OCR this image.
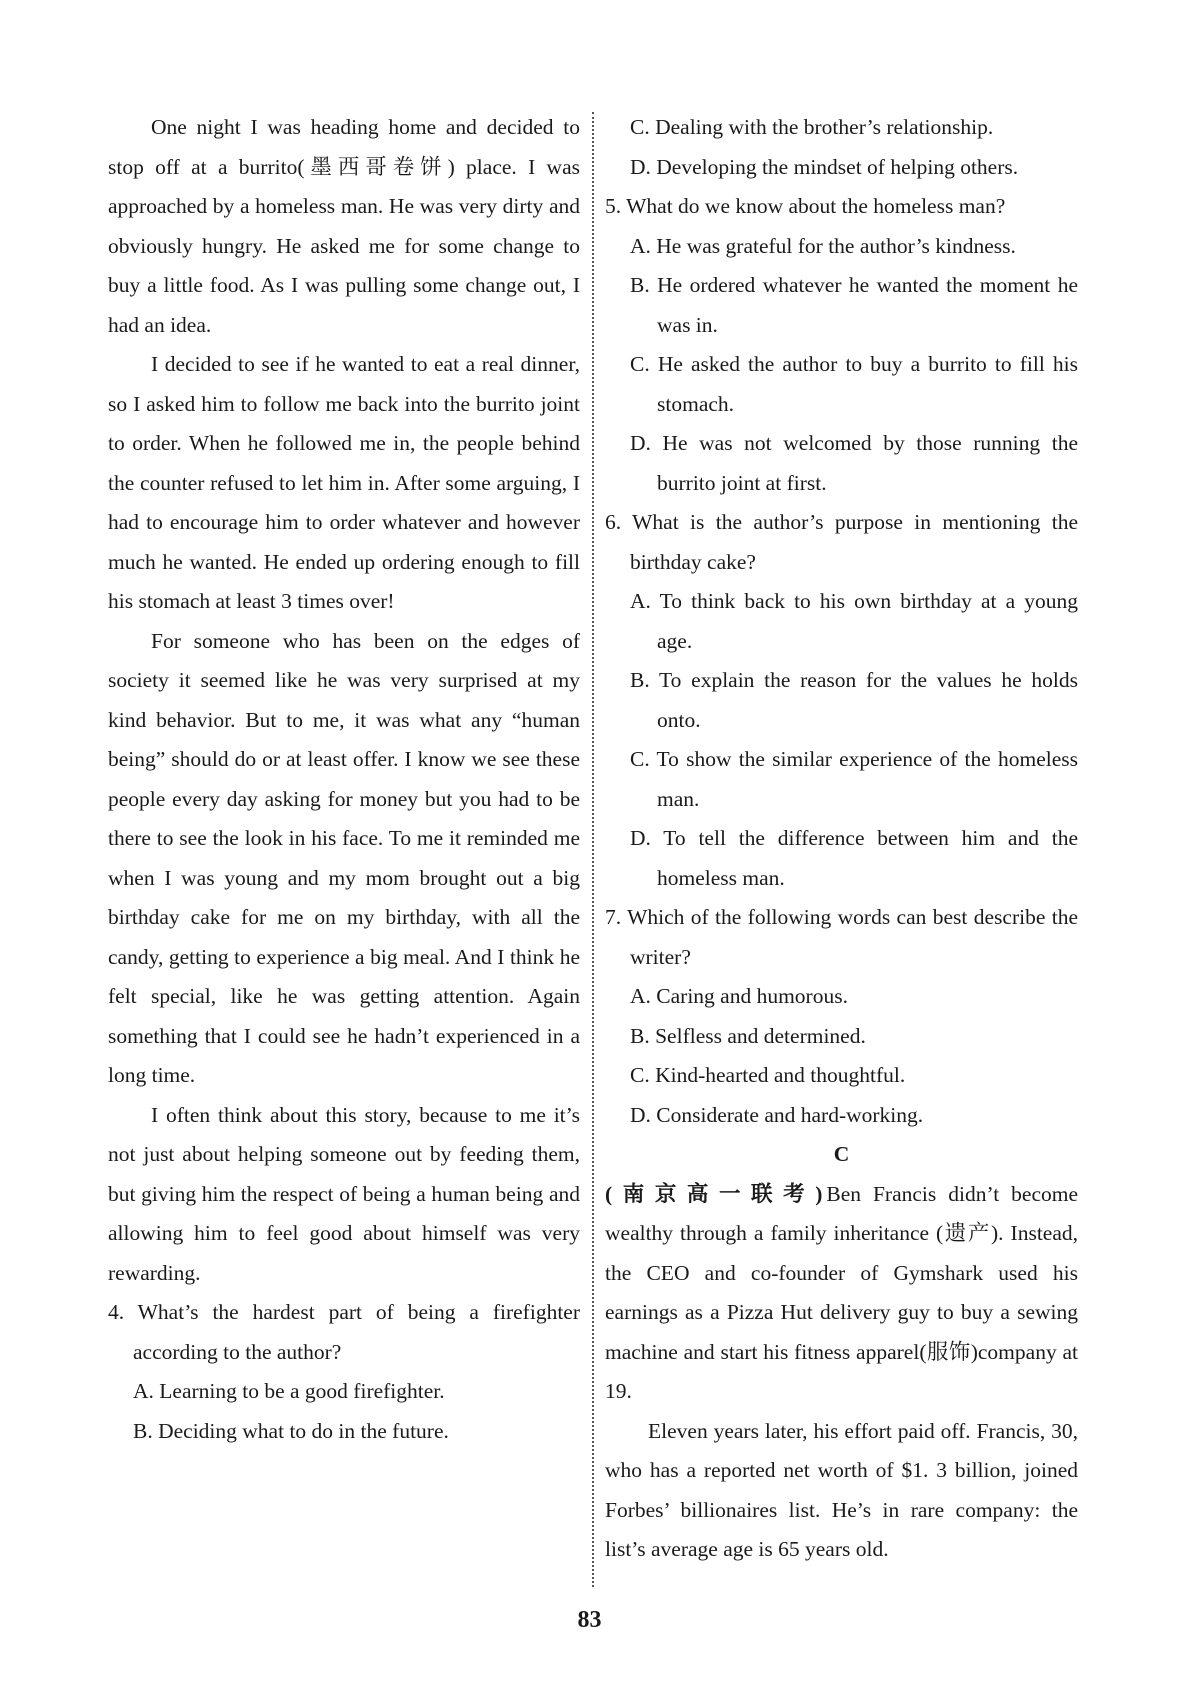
One night I was heading home and decided to stop off at a burrito(墨西哥卷饼) place. I was approached by a homeless man. He was very dirty and obviously hungry. He asked me for some change to buy a little food. As I was pulling some change out, I had an idea.

I decided to see if he wanted to eat a real dinner, so I asked him to follow me back into the burrito joint to order. When he followed me in, the people behind the counter refused to let him in. After some arguing, I had to encourage him to order whatever and however much he wanted. He ended up ordering enough to fill his stomach at least 3 times over!

For someone who has been on the edges of society it seemed like he was very surprised at my kind behavior. But to me, it was what any “human being” should do or at least offer. I know we see these people every day asking for money but you had to be there to see the look in his face. To me it reminded me when I was young and my mom brought out a big birthday cake for me on my birthday, with all the candy, getting to experience a big meal. And I think he felt special, like he was getting attention. Again something that I could see he hadn’t experienced in a long time.

I often think about this story, because to me it’s not just about helping someone out by feeding them, but giving him the respect of being a human being and allowing him to feel good about himself was very rewarding.

4. What’s the hardest part of being a firefighter according to the author?

A. Learning to be a good firefighter.

B. Deciding what to do in the future.

C. Dealing with the brother’s relationship.

D. Developing the mindset of helping others.

5. What do we know about the homeless man?

A. He was grateful for the author’s kindness.

B. He ordered whatever he wanted the moment he was in.

C. He asked the author to buy a burrito to fill his stomach.

D. He was not welcomed by those running the burrito joint at first.

6. What is the author’s purpose in mentioning the birthday cake?

A. To think back to his own birthday at a young age.

B. To explain the reason for the values he holds onto.

C. To show the similar experience of the homeless man.

D. To tell the difference between him and the homeless man.

7. Which of the following words can best describe the writer?

A. Caring and humorous.

B. Selfless and determined.

C. Kind-hearted and thoughtful.

D. Considerate and hard-working.

C

(南京高一联考)Ben Francis didn’t become wealthy through a family inheritance (遗产). Instead, the CEO and co-founder of Gymshark used his earnings as a Pizza Hut delivery guy to buy a sewing machine and start his fitness apparel(服饰)company at 19.

Eleven years later, his effort paid off. Francis, 30, who has a reported net worth of $1. 3 billion, joined Forbes’ billionaires list. He’s in rare company: the list’s average age is 65 years old.

83
